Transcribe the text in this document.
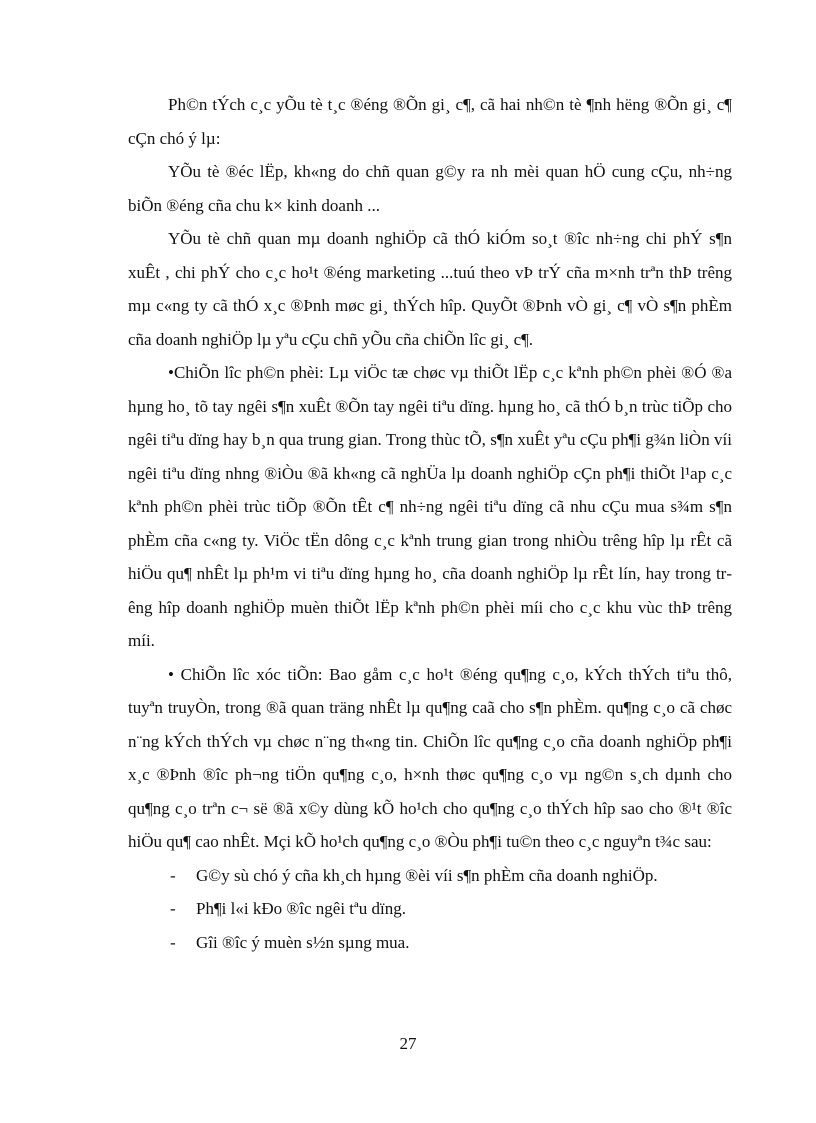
Ph©n tÝch c¸c yÕu tè t¸c ®éng ®Õn gi¸ c¶, cã hai nh©n tè ¶nh hëng ®Õn gi¸ c¶ cÇn chó ý lµ:

YÕu tè ®éc lËp, kh«ng do chñ quan g©y ra nh mèi quan hÖ cung cÇu, nh÷ng biÕn ®éng cña chu k× kinh doanh ...

YÕu tè chñ quan mµ doanh nghiÖp cã thÓ kiÓm so¸t ®îc nh÷ng chi phÝ s¶n xuÊt , chi phÝ cho c¸c ho¹t ®éng marketing ...tuú theo vÞ trÝ cña m×nh trªn thÞ trêng mµ c«ng ty cã thÓ x¸c ®Þnh møc gi¸ thÝch hîp. QuyÕt ®Þnh vÒ gi¸ c¶ vÒ s¶n phÈm cña doanh nghiÖp lµ yªu cÇu chñ yÕu cña chiÕn lîc gi¸ c¶.

•ChiÕn lîc ph©n phèi: Lµ viÖc tæ chøc vµ thiÕt lËp c¸c kªnh ph©n phèi ®Ó ®a hµng ho¸ tõ tay ngêi s¶n xuÊt ®Õn tay ngêi tiªu dïng. hµng ho¸ cã thÓ b¸n trùc tiÕp cho ngêi tiªu dïng hay b¸n qua trung gian. Trong thùc tÕ, s¶n xuÊt yªu cÇu ph¶i g¾n liÒn víi ngêi tiªu dïng nhng ®iÒu ®ã kh«ng cã nghÜa lµ doanh nghiÖp cÇn ph¶i thiÕt l¹ap c¸c kªnh ph©n phèi trùc tiÕp ®Õn tÊt c¶ nh÷ng ngêi tiªu dïng cã nhu cÇu mua s¾m s¶n phÈm cña c«ng ty. ViÖc tËn dông c¸c kªnh trung gian trong nhiÒu trêng hîp lµ rÊt cã hiÖu qu¶ nhÊt lµ ph¹m vi tiªu dïng hµng ho¸ cña doanh nghiÖp lµ rÊt lín, hay trong trêng hîp doanh nghiÖp muèn thiÕt lËp kªnh ph©n phèi míi cho c¸c khu vùc thÞ trêng míi.

• ChiÕn lîc xóc tiÕn: Bao gåm c¸c ho¹t ®éng qu¶ng c¸o, kÝch thÝch tiªu thô, tuyªn truyÒn, trong ®ã quan träng nhÊt lµ qu¶ng caã cho s¶n phÈm. qu¶ng c¸o cã chøc n¨ng kÝch thÝch vµ chøc n¨ng th«ng tin. ChiÕn lîc qu¶ng c¸o cña doanh nghiÖp ph¶i x¸c ®Þnh ®îc ph¬ng tiÖn qu¶ng c¸o, h×nh thøc qu¶ng c¸o vµ ng©n s¸ch dµnh cho qu¶ng c¸o trªn c¬ së ®ã x©y dùng kÕ ho¹ch cho qu¶ng c¸o thÝch hîp sao cho ®¹t ®îc hiÖu qu¶ cao nhÊt. Mçi kÕ ho¹ch qu¶ng c¸o ®Òu ph¶i tu©n theo c¸c nguyªn t¾c sau:

- G©y sù chó ý cña kh¸ch hµng ®èi víi s¶n phÈm cña doanh nghiÖp.
- Ph¶i l«i kÐo ®îc ngêi tªu dïng.
- Gîi ®îc ý muèn s½n sµng mua.
27
